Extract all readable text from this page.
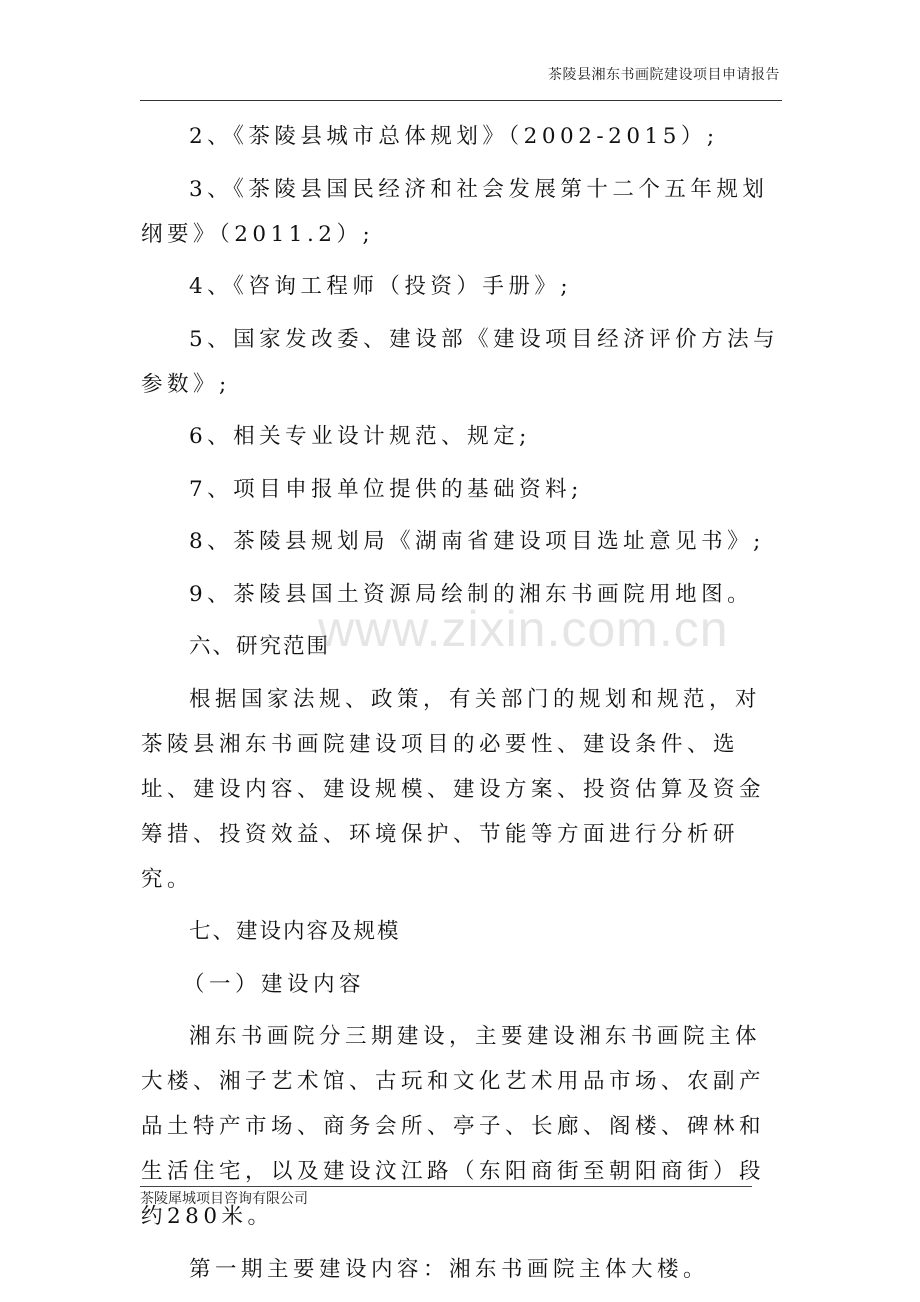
茶陵县湘东书画院建设项目申请报告

2、《茶陵县城市总体规划》（2002-2015）;

3、《茶陵县国民经济和社会发展第十二个五年规划纲要》（2011.2）;

4、《咨询工程师（投资）手册》;

5、国家发改委、建设部《建设项目经济评价方法与参数》;

6、相关专业设计规范、规定;

7、项目申报单位提供的基础资料;

8、茶陵县规划局《湖南省建设项目选址意见书》;

9、茶陵县国土资源局绘制的湘东书画院用地图。

六、研究范围

根据国家法规、政策，有关部门的规划和规范，对茶陵县湘东书画院建设项目的必要性、建设条件、选址、建设内容、建设规模、建设方案、投资估算及资金筹措、投资效益、环境保护、节能等方面进行分析研究。

七、建设内容及规模

（一）建设内容

湘东书画院分三期建设，主要建设湘东书画院主体大楼、湘子艺术馆、古玩和文化艺术用品市场、农副产品土特产市场、商务会所、亭子、长廊、阁楼、碑林和生活住宅，以及建设汶江路（东阳商街至朝阳商街）段约280米。

第一期主要建设内容：湘东书画院主体大楼。

www.zixin.com.cn
茶陵犀城项目咨询有限公司
